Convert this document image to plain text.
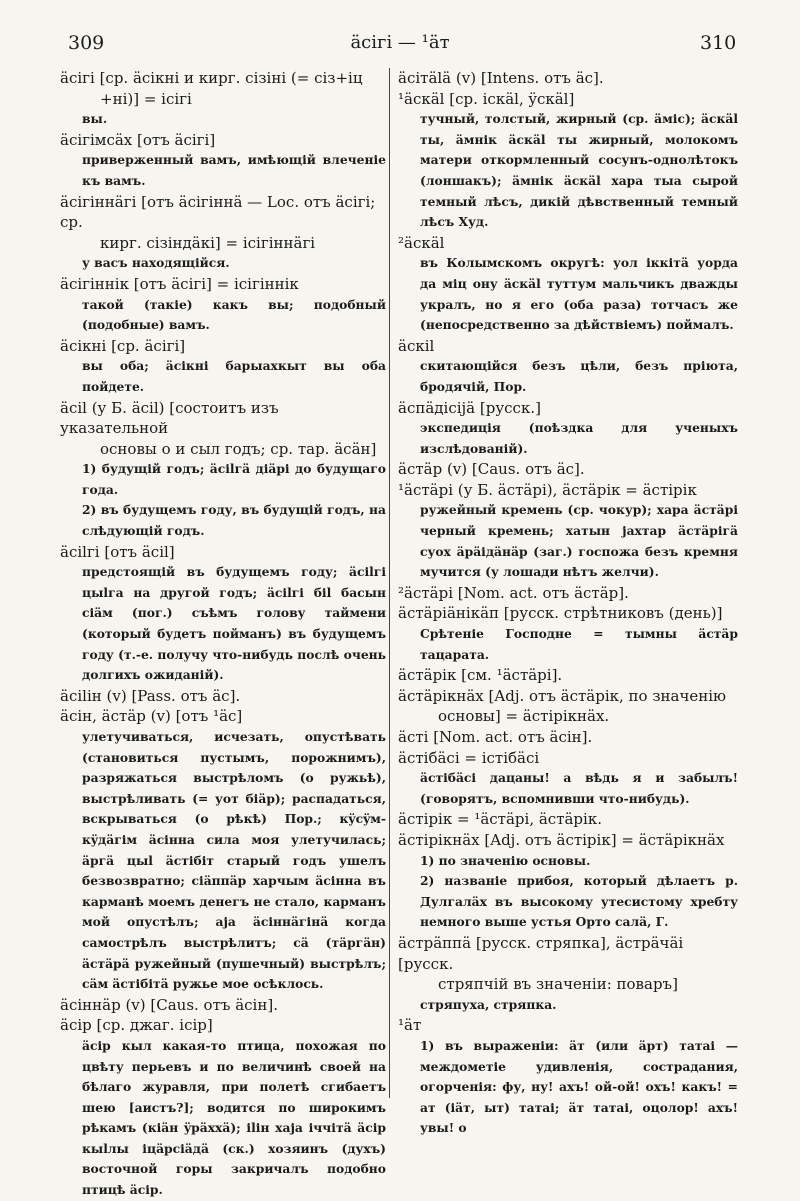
309	äсігі — ¹äт	310
äсігі [ср. äсікні и кирг. сізіні (= сіз+іц
+ні)] = ісігі
вы.
äсігімсäх [отъ äсігі]
приверженный вамъ, имѣющій влеченіе къ вамъ.
äсігіннäгі [отъ äсігіннä — Loc. отъ äсігі; ср.
кирг. сізіндäкі] = ісігіннäгі
у васъ находящійся.
äсігіннік [отъ äсігі] = ісігіннік
такой (такіе) какъ вы; подобный (подобные) вамъ.
äсікні [ср. äсігі]
вы оба; äсікні барыахкыт вы оба пойдете.
äсіl (у Б. äсіl) [состоитъ изъ указательной
основы о и сыл годъ; ср. тар. äсäн]
1) будущій годъ; äсіlгä діäрі до будущаго года.
2) въ будущемъ году, въ будущій годъ, на слѣдующій годъ.
äсіlгі [отъ äсіl]
предстоящій въ будущемъ году; äсіlгі цыlга на другой годъ; äсіlгі біl басын сіäм (пог.) съѣмъ голову таймени (который будетъ пойманъ) въ будущемъ году (т.-е. получу что-нибудь послѣ очень долгихъ ожиданій).
äсіlін (v) [Pass. отъ äс].
äсін, äстäр (v) [отъ ¹äс]
улетучиваться, исчезать, опустѣвать (становиться пустымъ, порожнимъ), разряжаться выстрѣломъ (о ружьѣ), выстрѣливать (= уот біäр); распадаться, вскрываться (о рѣкѣ) Пор.; кÿсÿм-кÿдäгім äсінна сила моя улетучилась; äргä цыl äстібіт старый годъ ушелъ безвозвратно; сіäппäр харчым äсінна въ карманѣ моемъ денегъ не стало, карманъ мой опустѣлъ; аја äсіннäгінä когда самострѣлъ выстрѣлитъ; сä (тäргäн) äстäрä ружейный (пушечный) выстрѣлъ; сäм äстібітä ружье мое осѣклось.
äсіннäр (v) [Caus. отъ äсін].
äсір [ср. джаг. ісір]
äсір кыл какая-то птица, похожая по цвѣту перьевъ и по величинѣ своей на бѣлаго журавля, при полетѣ сгибаетъ шею [аистъ?]; водится по широкимъ рѣкамъ (кіäн ÿрäххä); іlін хаја іччітä äсір кыlлы іцäрсіäдä (ск.) хозяинъ (духъ) восточной горы закричалъ подобно птицѣ äсір.
äсітälä (v) [Intens. отъ äс].
¹äскäl [ср. іскäl, ÿскäl]
тучный, толстый, жирный (ср. äміс); äскäl ты, äмнік äскäl ты жирный, молокомъ матери откормленный сосунъ-однолѣтокъ (лоншакъ); äмнік äскäl хара тыа сырой темный лѣсъ, дикій дѣвственный темный лѣсъ Худ.
²äскäl
въ Колымскомъ округѣ: уол іккітä уорда да міц ону äскäl туттум мальчикъ дважды укралъ, но я его (оба раза) тотчасъ же (непосредственно за дѣйствіемъ) поймалъ.
äскіl
скитающійся безъ цѣли, безъ пріюта, бродячій, Пор.
äспäдісіjä [русск.]
экспедиція (поѣздка для ученыхъ изслѣдованій).
äстäр (v) [Caus. отъ äс].
¹äстäрі (у Б. äстäрі), äстäрік = äстірік
ружейный кремень (ср. чокур); хара äстäрі черный кремень; хатын јахтар äстäрігä суох äрäідäнäр (заг.) госпожа безъ кремня мучится (у лошади нѣтъ желчи).
²äстäрі [Nom. act. отъ äстäр].
äстäріäнікäп [русск. стрѣтниковъ (день)]
Срѣтеніе Господне = тымны äстäр тацарата.
äстäрік [см. ¹äстäрі].
äстäрікнäх [Adj. отъ äстäрік, по значенію
основы] = äстірікнäх.
äсті [Nom. act. отъ äсін].
äстібäсі = істібäсі
äстібäсі дацаны! а вѣдь я и забылъ! (говорятъ, вспомнивши что-нибудь).
äстірік = ¹äстäрі, äстäрік.
äстірікнäх [Adj. отъ äстірік] = äстäрікнäх
1) по значенію основы.
2) названіе прибоя, который дѣлаетъ р. Дулгалäх въ высокому утесистому хребту немного выше устья Орто салä, Г.
äстрäппä [русск. стряпка], äстрäчäі [русск.
стряпчій въ значеніи: поваръ]
стряпуха, стряпка.
¹äт
1) въ выраженіи: äт (или äрт) татаі — междометіе удивленія, сострадания, огорченія: фу, ну! ахъ! ой-ой! охъ! какъ! = ат (іäт, ыт) татаі; äт татаі, оцолор! ахъ! увы! о
